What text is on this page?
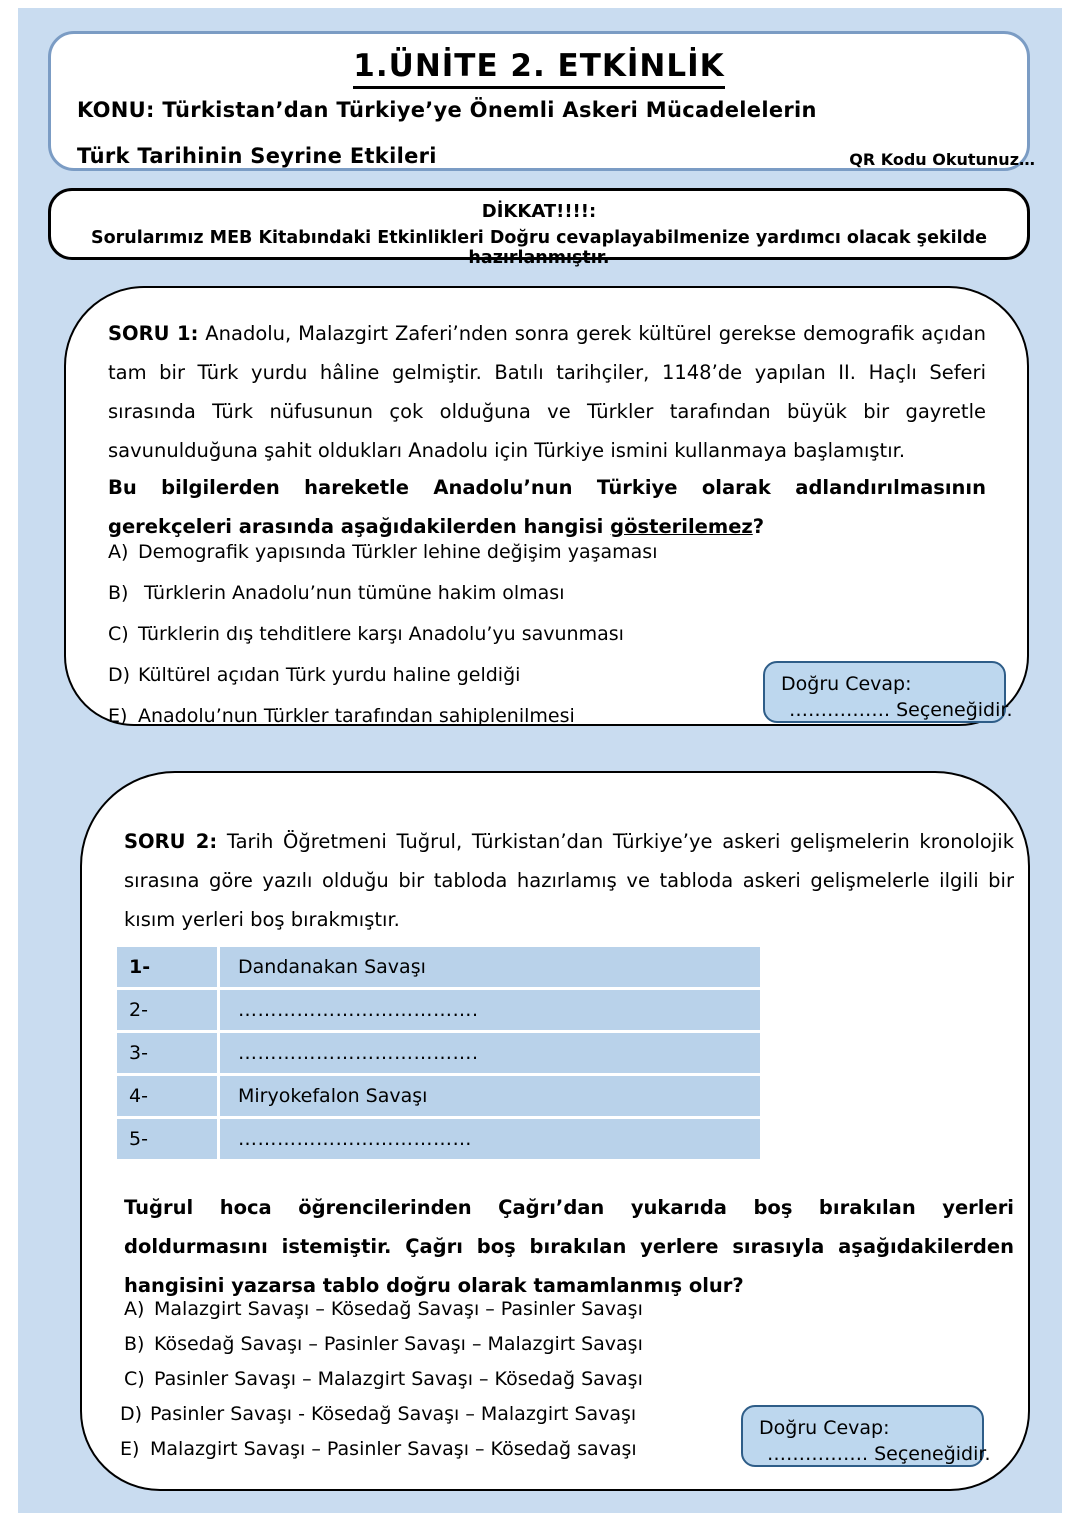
1.ÜNİTE 2. ETKİNLİK
KONU: Türkistan’dan Türkiye’ye Önemli Askeri Mücadelelerin
Türk Tarihinin Seyrine Etkileri	QR Kodu Okutunuz…
DİKKAT!!!!:
Sorularımız MEB Kitabındaki Etkinlikleri Doğru cevaplayabilmenize yardımcı olacak şekilde hazırlanmıştır.
SORU 1: Anadolu, Malazgirt Zaferi’nden sonra gerek kültürel gerekse demografik açıdan tam bir Türk yurdu hâline gelmiştir. Batılı tarihçiler, 1148’de yapılan II. Haçlı Seferi sırasında Türk nüfusunun çok olduğuna ve Türkler tarafından büyük bir gayretle savunulduğuna şahit oldukları Anadolu için Türkiye ismini kullanmaya başlamıştır.
Bu bilgilerden hareketle Anadolu’nun Türkiye olarak adlandırılmasının gerekçeleri arasında aşağıdakilerden hangisi gösterilemez?
A) Demografik yapısında Türkler lehine değişim yaşaması
B) Türklerin Anadolu’nun tümüne hakim olması
C) Türklerin dış tehditlere karşı Anadolu’yu savunması
D) Kültürel açıdan Türk yurdu haline geldiği
E) Anadolu’nun Türkler tarafından sahiplenilmesi
Doğru Cevap:
……………. Seçeneğidir.
SORU 2: Tarih Öğretmeni Tuğrul, Türkistan’dan Türkiye’ye askeri gelişmelerin kronolojik sırasına göre yazılı olduğu bir tabloda hazırlamış ve tabloda askeri gelişmelerle ilgili bir kısım yerleri boş bırakmıştır.
Tuğrul hoca öğrencilerinden Çağrı’dan yukarıda boş bırakılan yerleri doldurmasını istemiştir. Çağrı boş bırakılan yerlere sırasıyla aşağıdakilerden hangisini yazarsa tablo doğru olarak tamamlanmış olur?
A) Malazgirt Savaşı – Kösedağ Savaşı – Pasinler Savaşı
B) Kösedağ Savaşı – Pasinler Savaşı – Malazgirt Savaşı
C) Pasinler Savaşı – Malazgirt Savaşı – Kösedağ Savaşı
D) Pasinler Savaşı - Kösedağ Savaşı – Malazgirt Savaşı
E) Malazgirt Savaşı – Pasinler Savaşı – Kösedağ savaşı
Doğru Cevap:
……………. Seçeneğidir.
1-	Dandanakan Savaşı
2-	……………………………….
3-	……………………………….
4-	Miryokefalon Savaşı
5-	………………………………
